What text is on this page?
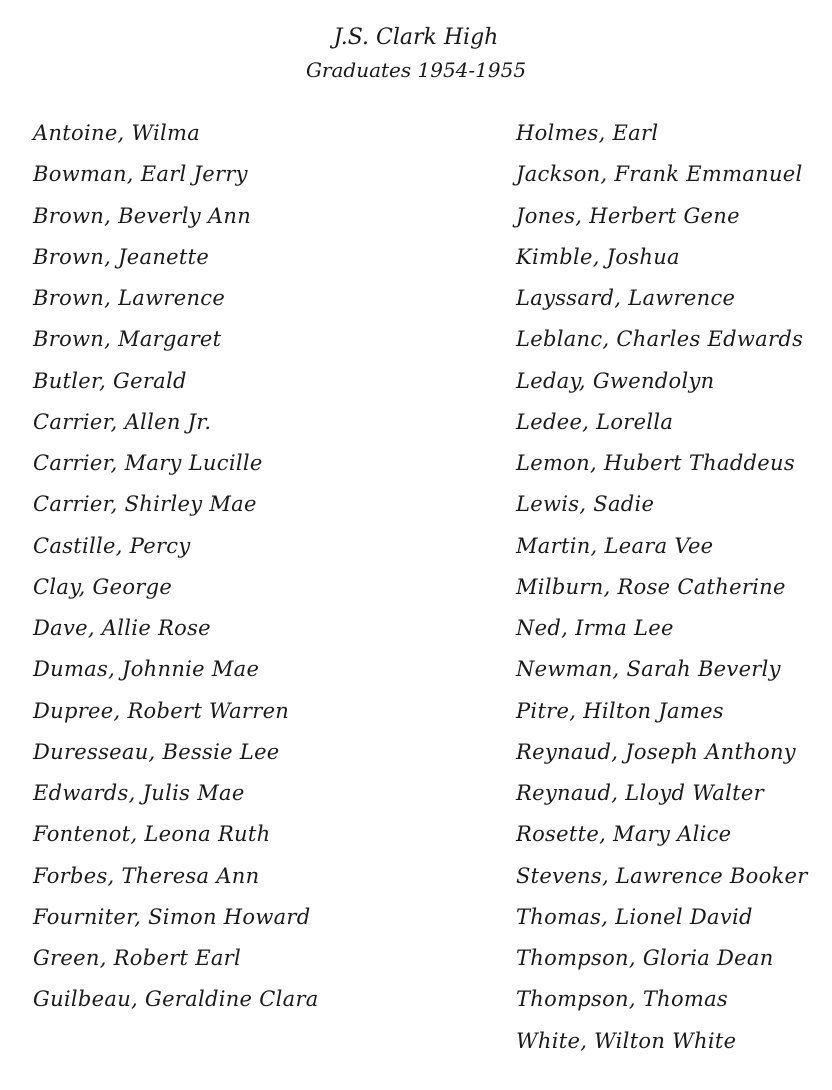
J.S. Clark High
Graduates 1954-1955
Antoine, Wilma
Bowman, Earl Jerry
Brown, Beverly Ann
Brown, Jeanette
Brown, Lawrence
Brown, Margaret
Butler, Gerald
Carrier, Allen Jr.
Carrier, Mary Lucille
Carrier, Shirley Mae
Castille, Percy
Clay, George
Dave, Allie Rose
Dumas, Johnnie Mae
Dupree, Robert Warren
Duresseau, Bessie Lee
Edwards, Julis Mae
Fontenot, Leona Ruth
Forbes, Theresa Ann
Fourniter, Simon Howard
Green, Robert Earl
Guilbeau, Geraldine Clara
Holmes, Earl
Jackson, Frank Emmanuel
Jones, Herbert Gene
Kimble, Joshua
Layssard, Lawrence
Leblanc, Charles Edwards
Leday, Gwendolyn
Ledee, Lorella
Lemon, Hubert Thaddeus
Lewis, Sadie
Martin, Leara Vee
Milburn, Rose Catherine
Ned, Irma Lee
Newman, Sarah Beverly
Pitre, Hilton James
Reynaud, Joseph Anthony
Reynaud, Lloyd Walter
Rosette, Mary Alice
Stevens, Lawrence Booker
Thomas, Lionel David
Thompson, Gloria Dean
Thompson, Thomas
White, Wilton White
